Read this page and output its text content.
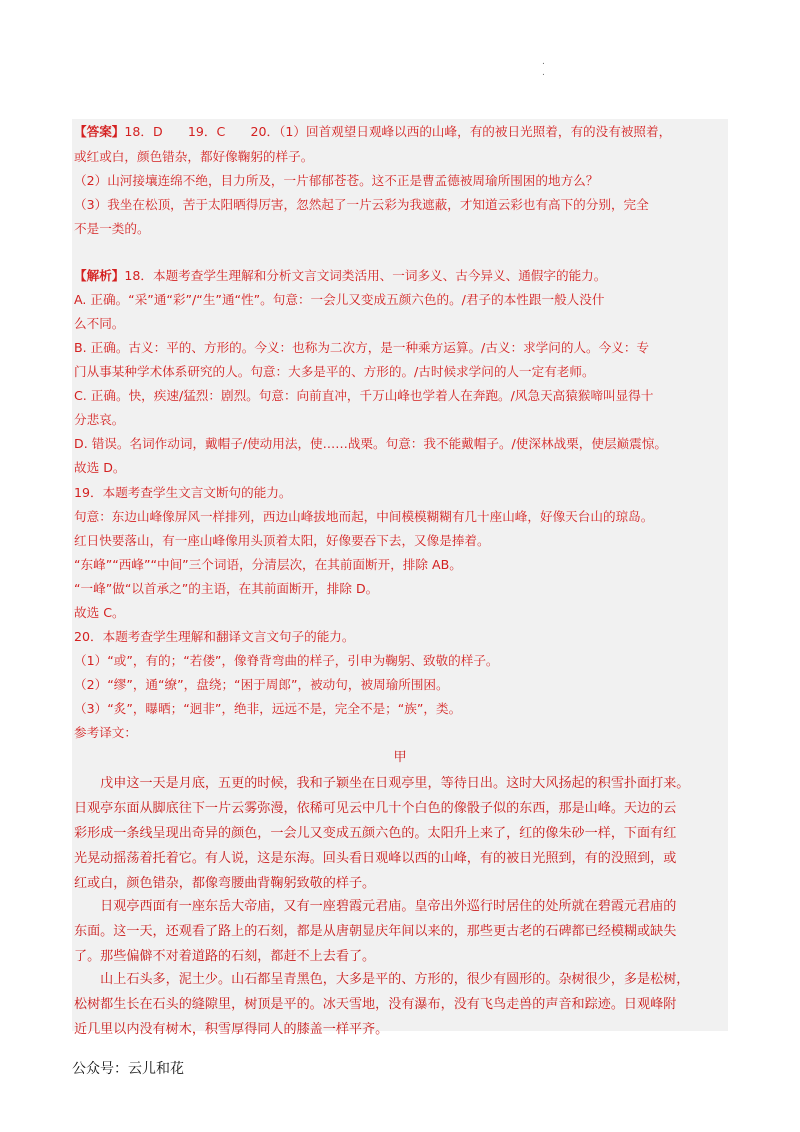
.
.
【答案】18．D　　19．C　　20．（1）回首观望日观峰以西的山峰，有的被日光照着，有的没有被照着，
或红或白，颜色错杂，都好像鞠躬的样子。
（2）山河接壤连绵不绝，目力所及，一片郁郁苍苍。这不正是曹孟德被周瑜所围困的地方么？
（3）我坐在松顶，苦于太阳晒得厉害，忽然起了一片云彩为我遮蔽，才知道云彩也有高下的分别，完全
不是一类的。
【解析】18．本题考查学生理解和分析文言文词类活用、一词多义、古今异义、通假字的能力。
A. 正确。“采”通“彩”/“生”通“性”。句意：一会儿又变成五颜六色的。/君子的本性跟一般人没什
么不同。
B. 正确。古义：平的、方形的。今义：也称为二次方，是一种乘方运算。/古义：求学问的人。今义：专
门从事某种学术体系研究的人。句意：大多是平的、方形的。/古时候求学问的人一定有老师。
C. 正确。快，疾速/猛烈：剧烈。句意：向前直冲，千万山峰也学着人在奔跑。/风急天高猿猴啼叫显得十
分悲哀。
D. 错误。名词作动词，戴帽子/使动用法，使……战栗。句意：我不能戴帽子。/使深林战栗，使层巅震惊。
故选 D。
19．本题考查学生文言文断句的能力。
句意：东边山峰像屏风一样排列，西边山峰拔地而起，中间模模糊糊有几十座山峰，好像天台山的琼岛。
红日快要落山，有一座山峰像用头顶着太阳，好像要吞下去，又像是捧着。
“东峰”“西峰”“中间”三个词语，分清层次，在其前面断开，排除 AB。
“一峰”做“以首承之”的主语，在其前面断开，排除 D。
故选 C。
20．本题考查学生理解和翻译文言文句子的能力。
（1）“或”，有的；“若偻”，像脊背弯曲的样子，引申为鞠躬、致敬的样子。
（2）“缪”，通“缭”，盘绕；“困于周郎”，被动句，被周瑜所围困。
（3）“炙”，曝晒；“迥非”，绝非，远远不是，完全不是；“族”，类。
参考译文：
甲
　　戊申这一天是月底，五更的时候，我和子颖坐在日观亭里，等待日出。这时大风扬起的积雪扑面打来。
日观亭东面从脚底往下一片云雾弥漫，依稀可见云中几十个白色的像骰子似的东西，那是山峰。天边的云
彩形成一条线呈现出奇异的颜色，一会儿又变成五颜六色的。太阳升上来了，红的像朱砂一样，下面有红
光晃动摇荡着托着它。有人说，这是东海。回头看日观峰以西的山峰，有的被日光照到，有的没照到，或
红或白，颜色错杂，都像弯腰曲背鞠躬致敬的样子。
　　日观亭西面有一座东岳大帝庙，又有一座碧霞元君庙。皇帝出外巡行时居住的处所就在碧霞元君庙的
东面。这一天，还观看了路上的石刻，都是从唐朝显庆年间以来的，那些更古老的石碑都已经模糊或缺失
了。那些偏僻不对着道路的石刻，都赶不上去看了。
　　山上石头多，泥土少。山石都呈青黑色，大多是平的、方形的，很少有圆形的。杂树很少，多是松树，
松树都生长在石头的缝隙里，树顶是平的。冰天雪地，没有瀑布，没有飞鸟走兽的声音和踪迹。日观峰附
近几里以内没有树木，积雪厚得同人的膝盖一样平齐。
公众号：云儿和花
